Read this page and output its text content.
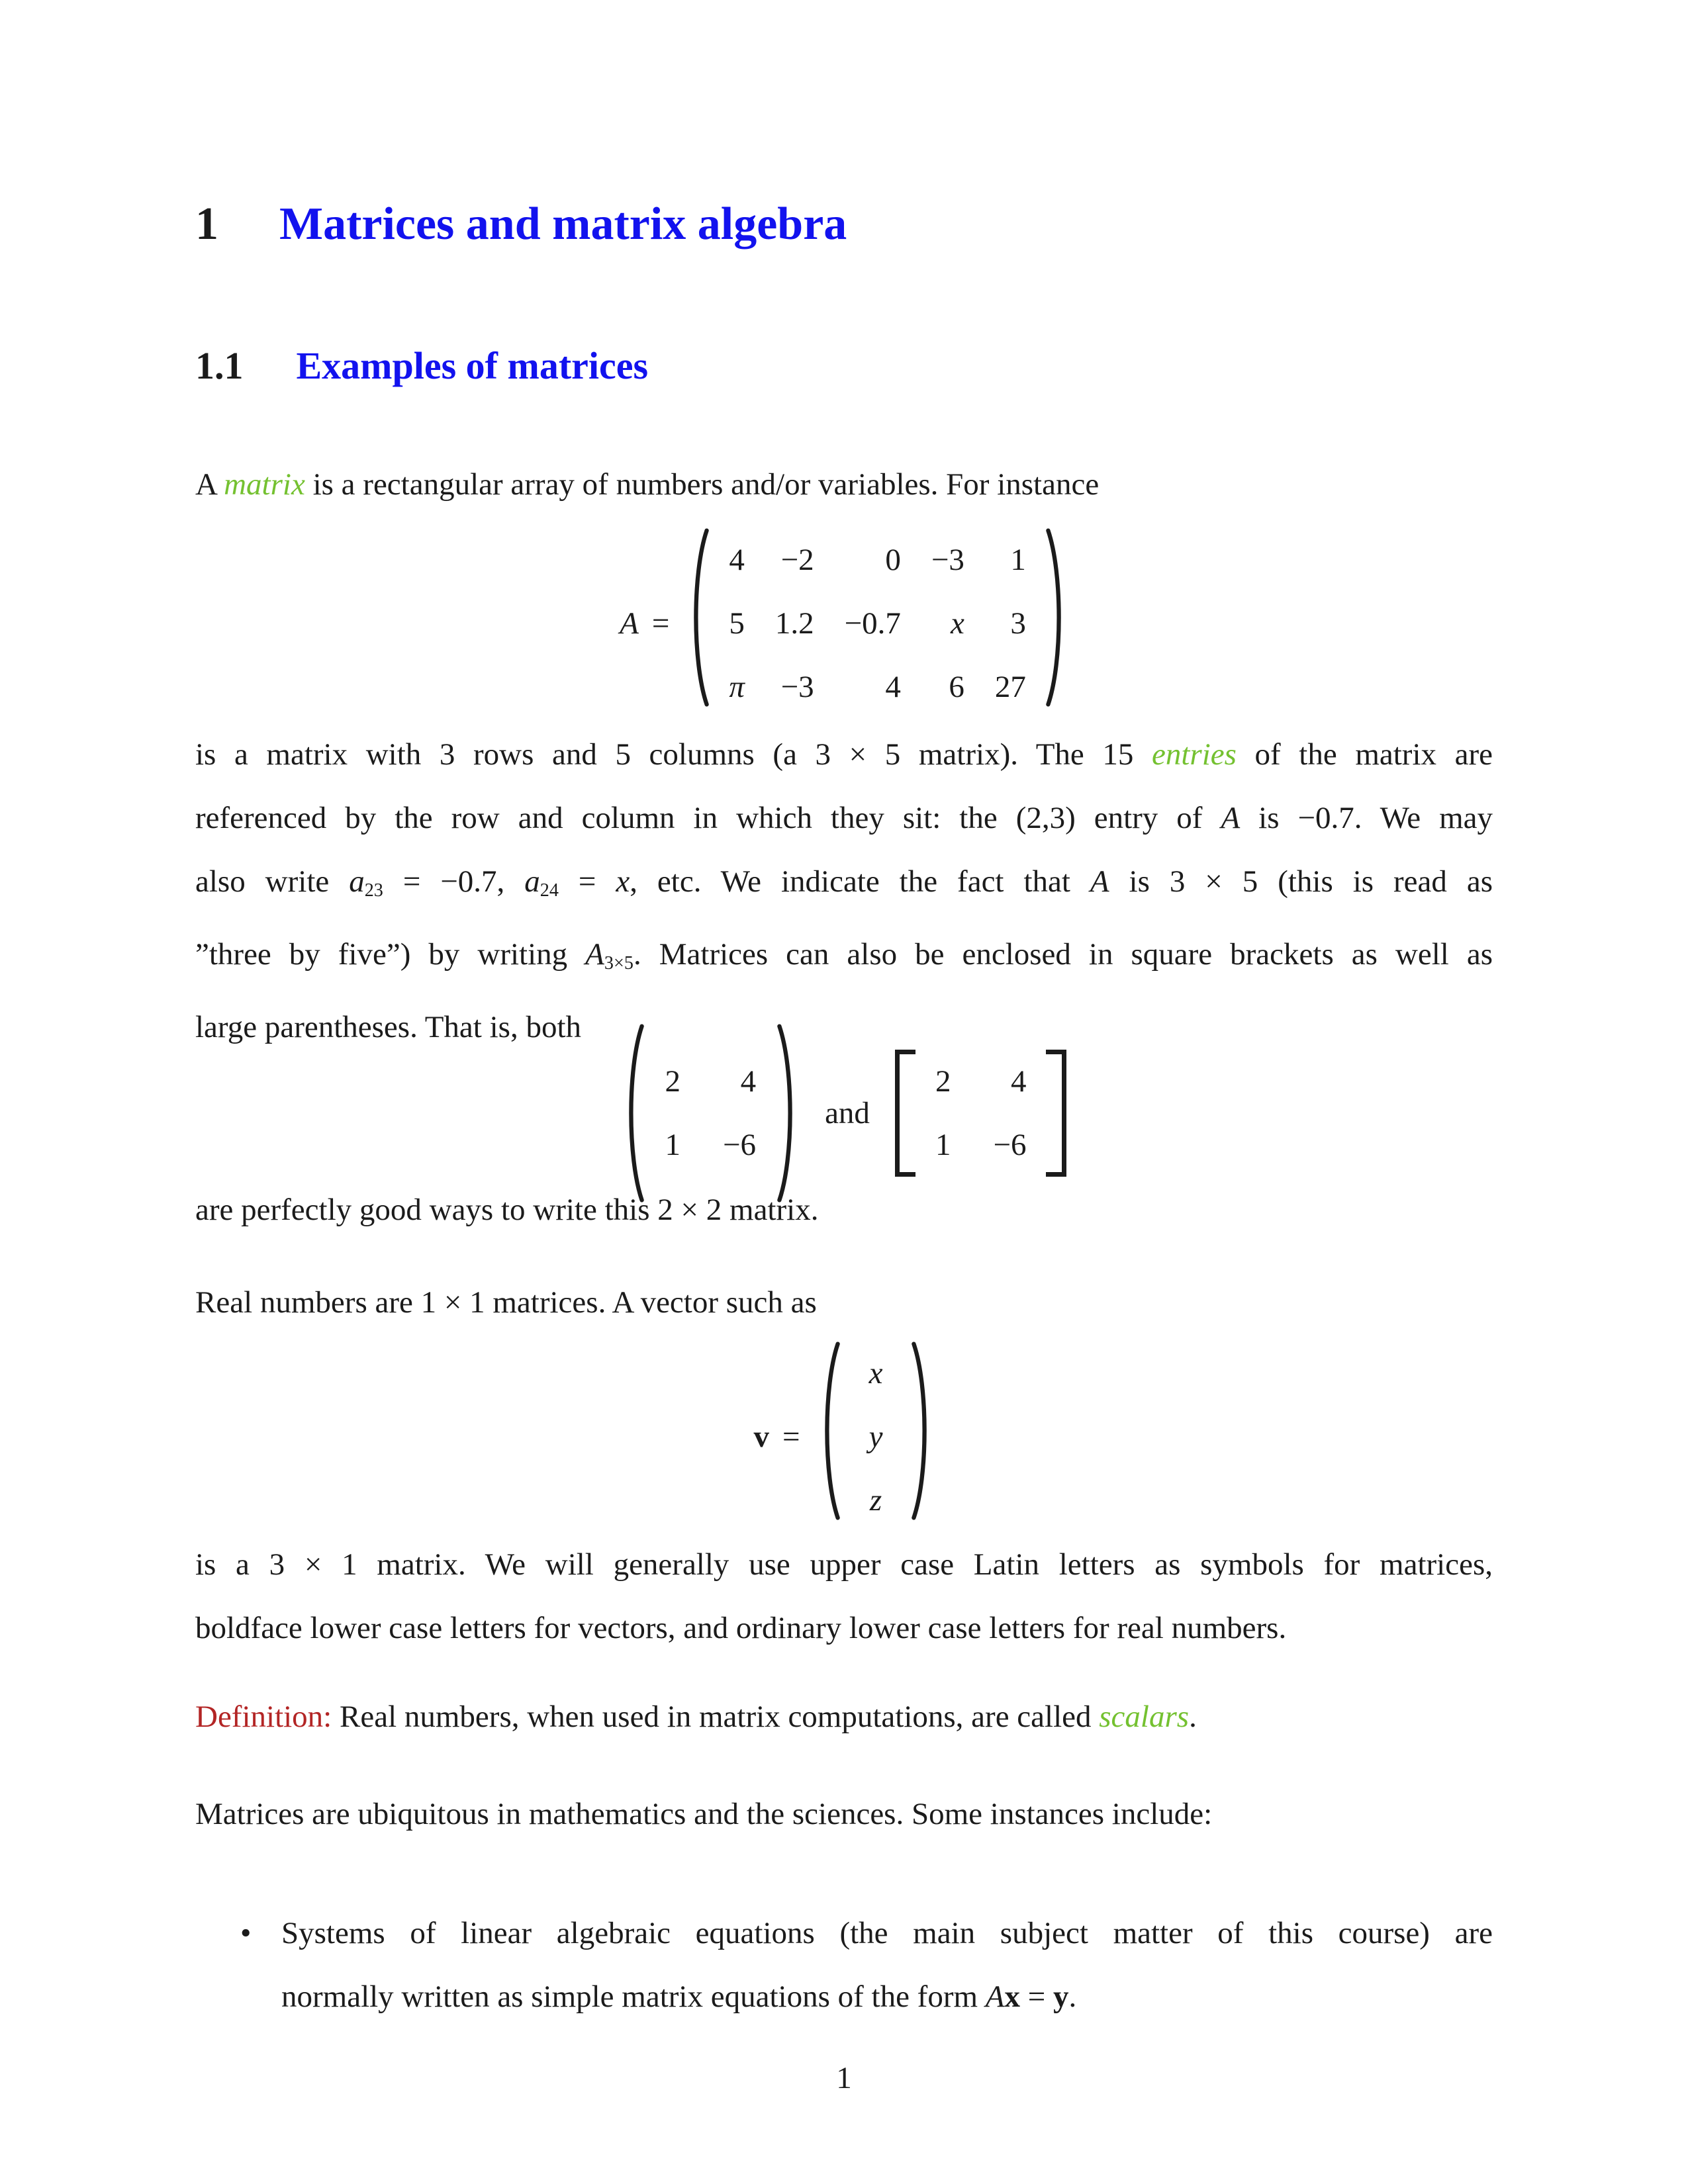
1 Matrices and matrix algebra
1.1 Examples of matrices
A matrix is a rectangular array of numbers and/or variables. For instance
A =
4 −2 0 −3 1
5 1.2 −0.7 x 3
π −3 4 6 27
is a matrix with 3 rows and 5 columns (a 3 × 5 matrix). The 15 entries of the matrix are
referenced by the row and column in which they sit: the (2,3) entry of A is −0.7. We may
also write a23 = −0.7, a24 = x, etc. We indicate the fact that A is 3 × 5 (this is read as
”three by five”) by writing A3×5. Matrices can also be enclosed in square brackets as well as
large parentheses. That is, both
2 4
1 −6
and
2 4
1 −6
are perfectly good ways to write this 2 × 2 matrix.
Real numbers are 1 × 1 matrices. A vector such as
v =
x
y
z
is a 3 × 1 matrix. We will generally use upper case Latin letters as symbols for matrices,
boldface lower case letters for vectors, and ordinary lower case letters for real numbers.
Definition: Real numbers, when used in matrix computations, are called scalars.
Matrices are ubiquitous in mathematics and the sciences. Some instances include:
• Systems of linear algebraic equations (the main subject matter of this course) are
normally written as simple matrix equations of the form Ax = y.
1
